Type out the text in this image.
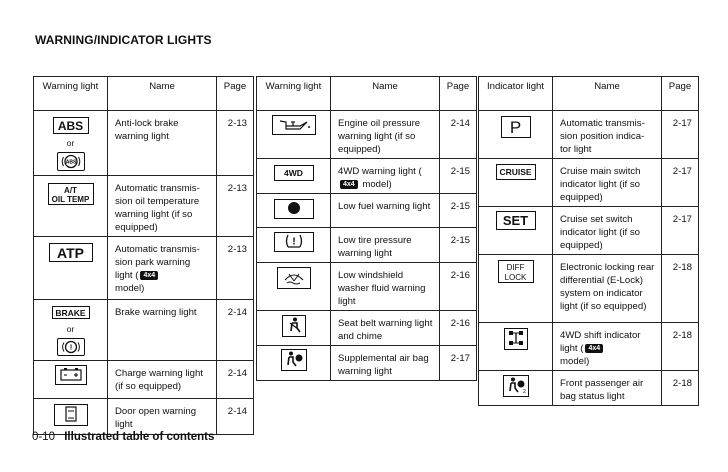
WARNING/INDICATOR LIGHTS
Warning light	Name	Page
ABS
or
ABS	Anti-lock brake warning light	2-13

A/T
OIL TEMP	Automatic transmis-sion oil temperature warning light (if so equipped)	2-13
ATP	Automatic transmis-sion park warning light ( 4x4
model)	2-13
BRAKE
or
!	Brake warning light	2-14

	Charge warning light (if so equipped)	2-14

	Door open warning light	2-14
Warning light	Name	Page

	Engine oil pressure warning light (if so equipped)	2-14
4WD	4WD warning light (4x4 model)	2-15

	Low fuel warning light	2-15

!	Low tire pressure warning light	2-15

	Low windshield washer fluid warning light	2-16

	Seat belt warning light and chime	2-16

	Supplemental air bag warning light	2-17
Indicator light	Name	Page
P	Automatic transmis-sion position indica-tor light	2-17
CRUISE	Cruise main switch indicator light (if so equipped)	2-17
SET	Cruise set switch indicator light (if so equipped)	2-17

DIFF
LOCK	Electronic locking rear differential (E-Lock) system on indicator light (if so equipped)	2-18

	4WD shift indicator light ( 4x4
model)	2-18

2	Front passenger air bag status light	2-18
0-10 Illustrated table of contents
